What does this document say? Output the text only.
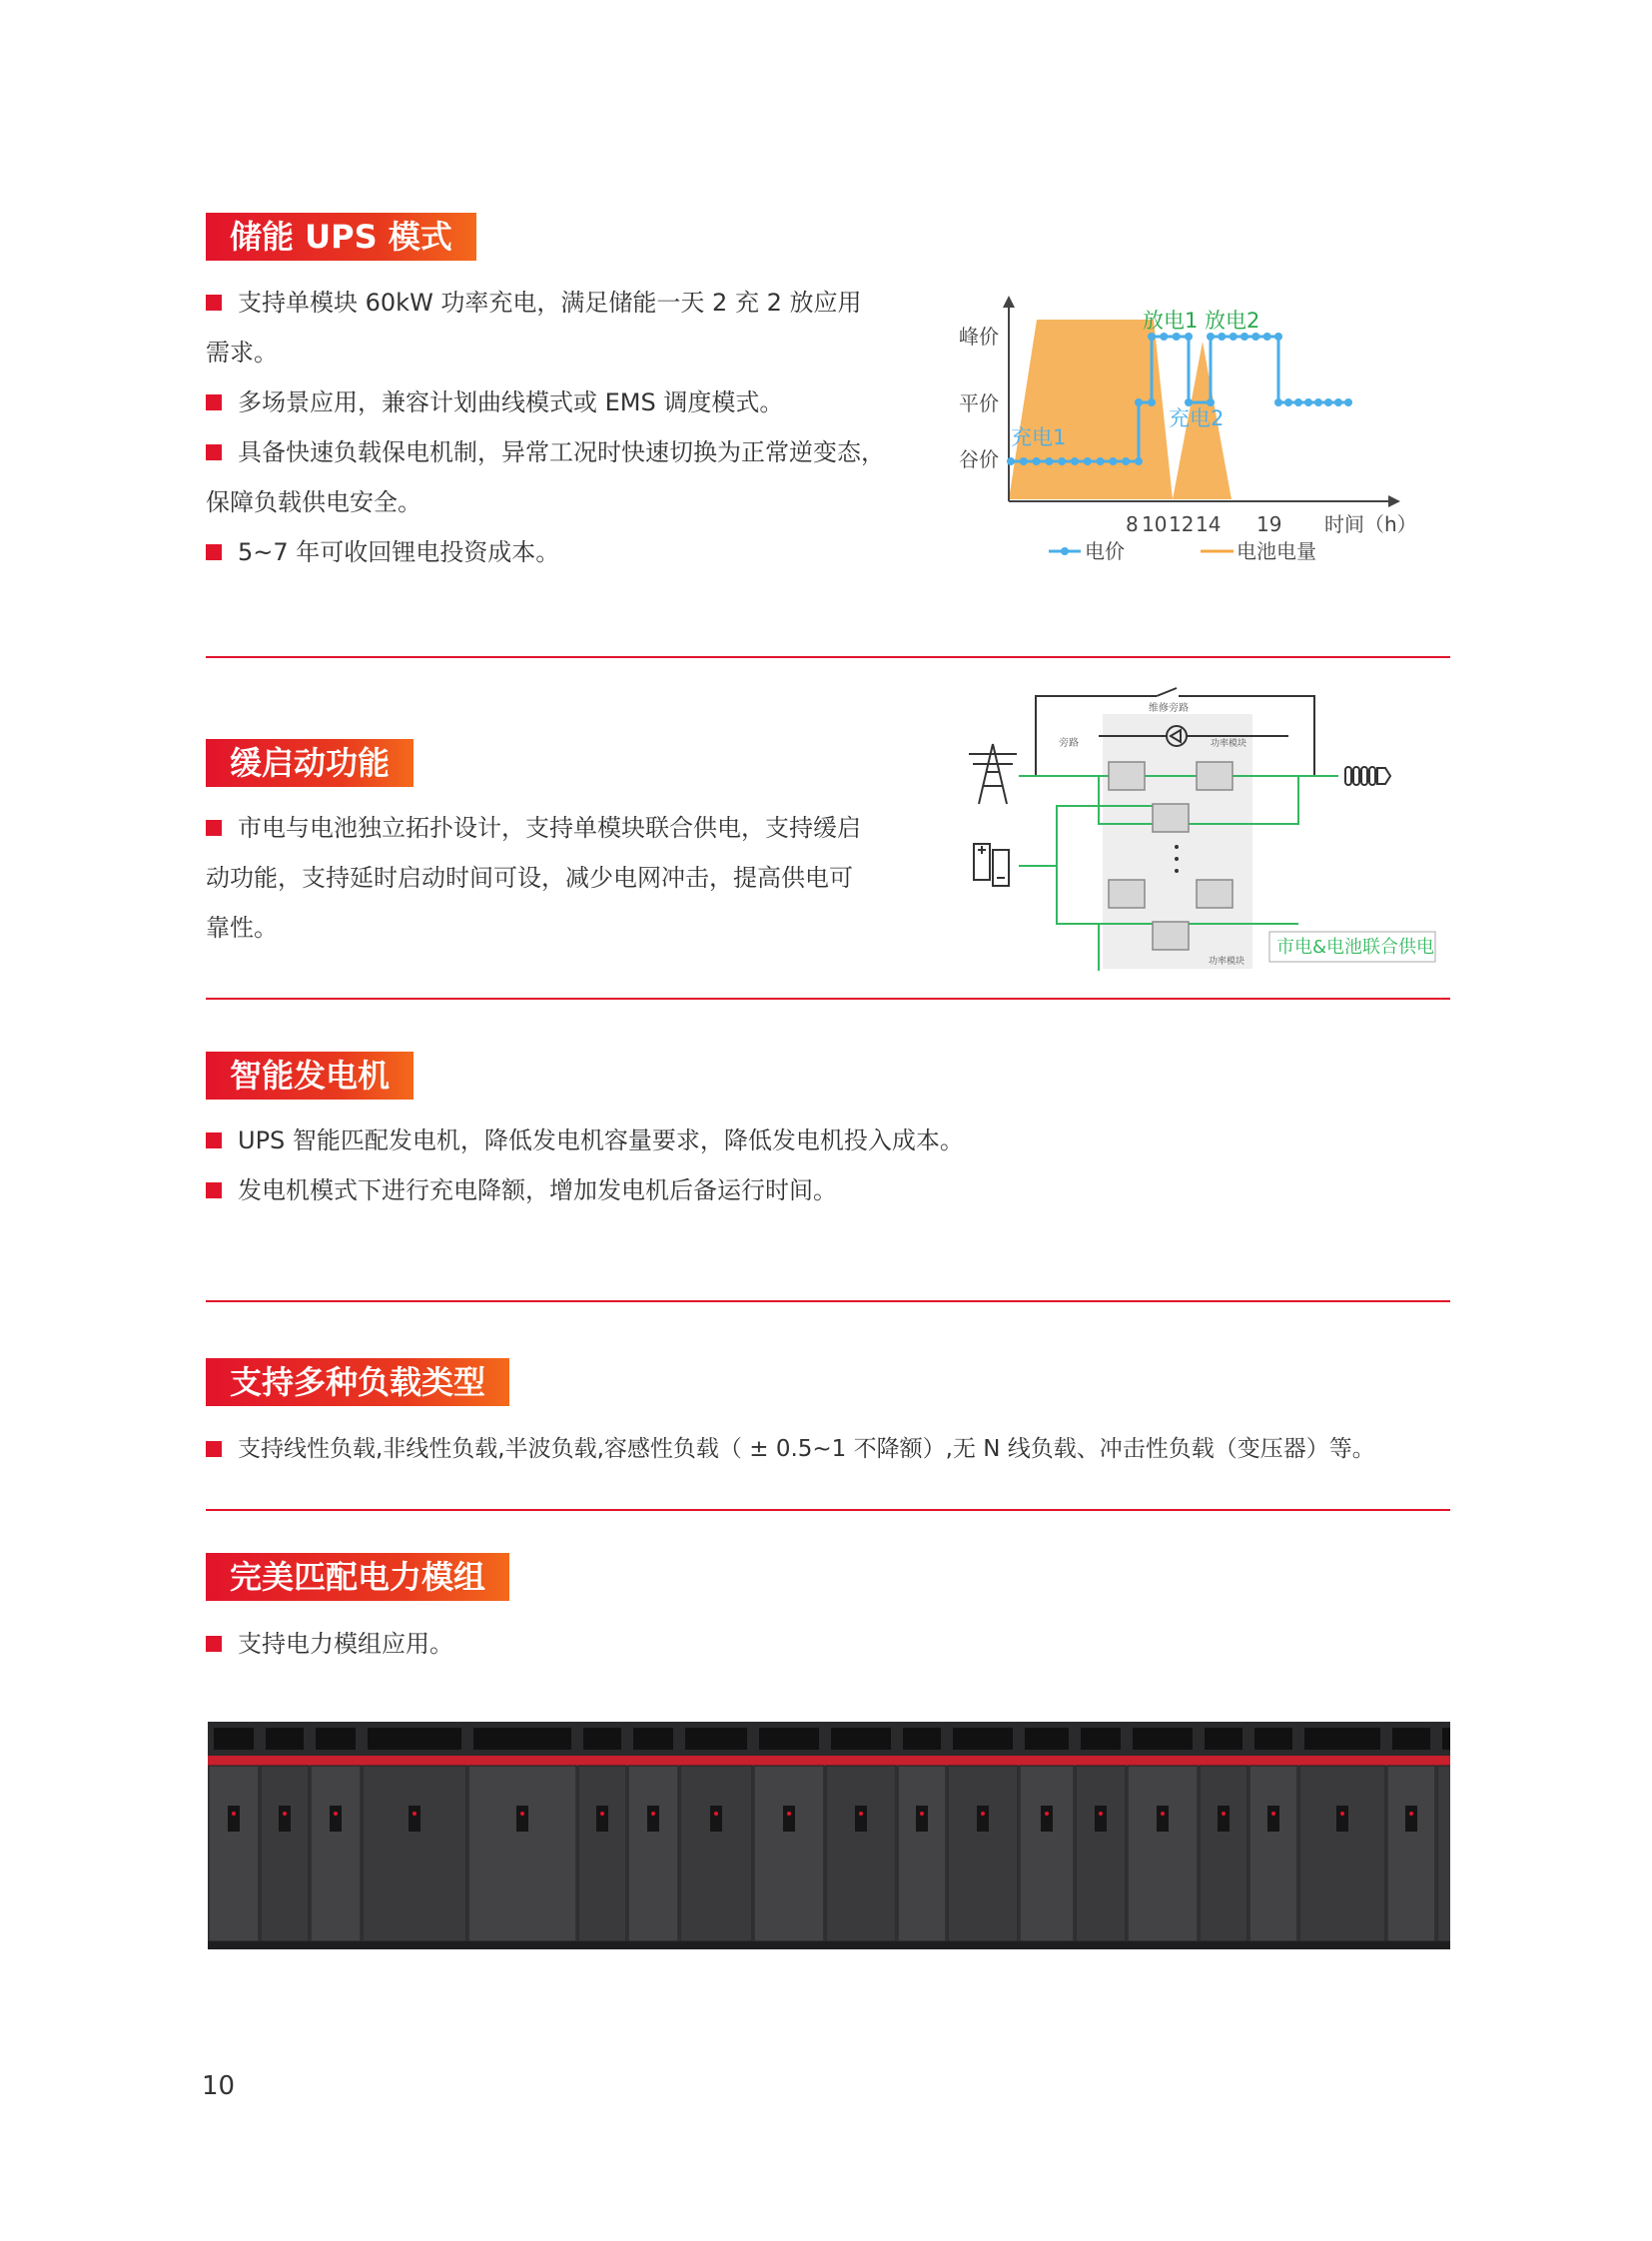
储能 UPS 模式
支持单模块 60kW 功率充电，满足储能一天 2 充 2 放应用
需求。
多场景应用，兼容计划曲线模式或 EMS 调度模式。
具备快速负载保电机制，异常工况时快速切换为正常逆变态，
保障负载供电安全。
5~7 年可收回锂电投资成本。
峰价
平价
谷价
充电1
充电2
放电1 放电2
8 10 12 14 19 时间（h）
电价	电池电量
缓启动功能
市电与电池独立拓扑设计，支持单模块联合供电，支持缓启
动功能，支持延时启动时间可设，减少电网冲击，提高供电可
靠性。
维修旁路
旁路	功率模块
功率模块
市电&电池联合供电
智能发电机
UPS 智能匹配发电机，降低发电机容量要求，降低发电机投入成本。
发电机模式下进行充电降额，增加发电机后备运行时间。
支持多种负载类型
支持线性负载,非线性负载,半波负载,容感性负载（ ± 0.5~1 不降额）,无 N 线负载、冲击性负载（变压器）等。
完美匹配电力模组
支持电力模组应用。
10
